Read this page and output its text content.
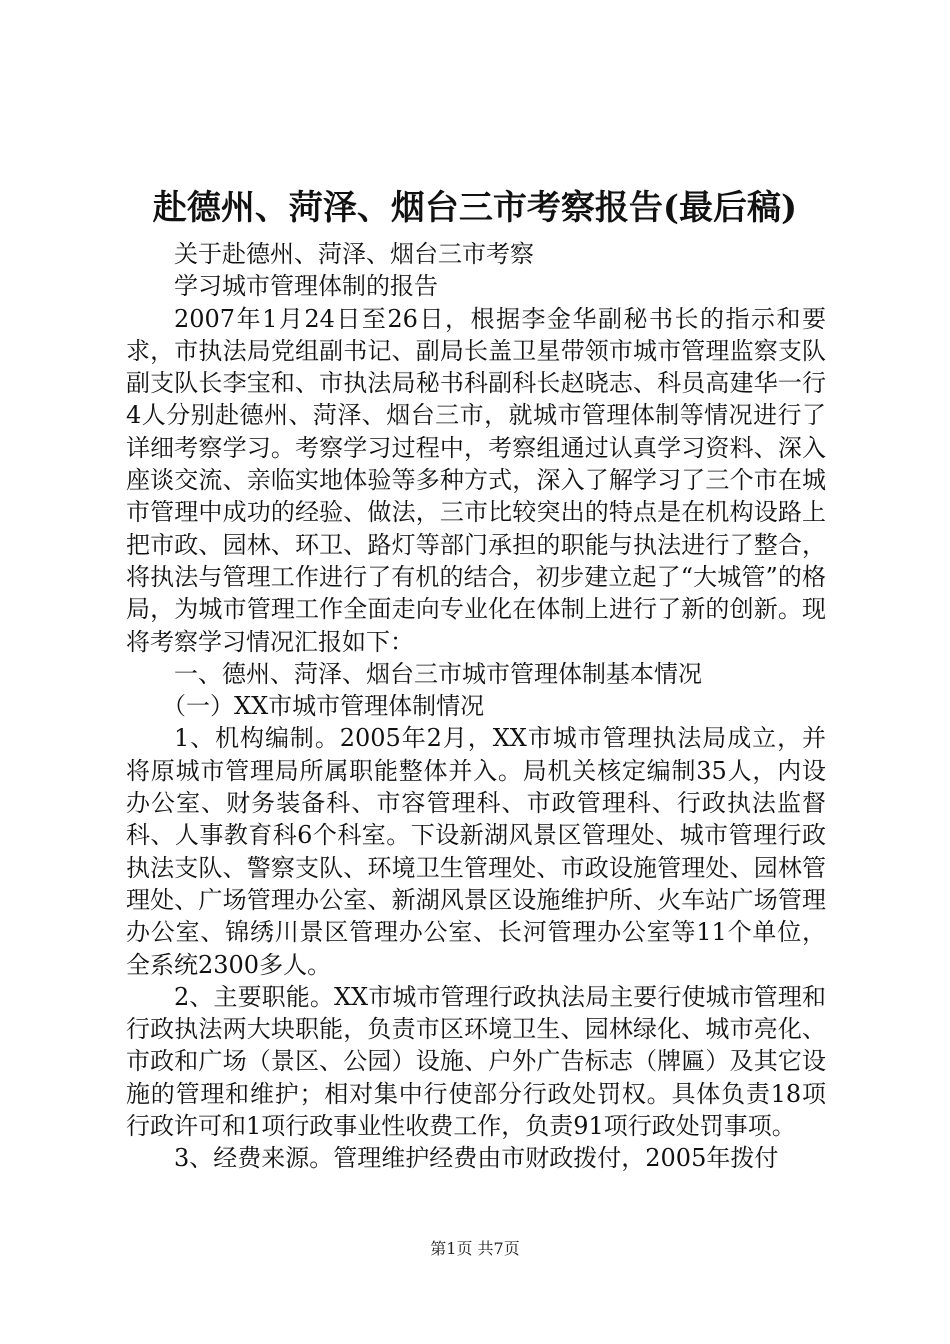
赴德州、菏泽、烟台三市考察报告(最后稿)

关于赴德州、菏泽、烟台三市考察

学习城市管理体制的报告

2007年1月24日至26日，根据李金华副秘书长的指示和要求，市执法局党组副书记、副局长盖卫星带领市城市管理监察支队副支队长李宝和、市执法局秘书科副科长赵晓志、科员高建华一行4人分别赴德州、菏泽、烟台三市，就城市管理体制等情况进行了详细考察学习。考察学习过程中，考察组通过认真学习资料、深入座谈交流、亲临实地体验等多种方式，深入了解学习了三个市在城市管理中成功的经验、做法，三市比较突出的特点是在机构设路上把市政、园林、环卫、路灯等部门承担的职能与执法进行了整合，将执法与管理工作进行了有机的结合，初步建立起了“大城管”的格局，为城市管理工作全面走向专业化在体制上进行了新的创新。现将考察学习情况汇报如下：

一、德州、菏泽、烟台三市城市管理体制基本情况

（一）XX市城市管理体制情况

1、机构编制。2005年2月，XX市城市管理执法局成立，并将原城市管理局所属职能整体并入。局机关核定编制35人，内设办公室、财务装备科、市容管理科、市政管理科、行政执法监督科、人事教育科6个科室。下设新湖风景区管理处、城市管理行政执法支队、警察支队、环境卫生管理处、市政设施管理处、园林管理处、广场管理办公室、新湖风景区设施维护所、火车站广场管理办公室、锦绣川景区管理办公室、长河管理办公室等11个单位，全系统2300多人。

2、主要职能。XX市城市管理行政执法局主要行使城市管理和行政执法两大块职能，负责市区环境卫生、园林绿化、城市亮化、市政和广场（景区、公园）设施、户外广告标志（牌匾）及其它设施的管理和维护；相对集中行使部分行政处罚权。具体负责18项行政许可和1项行政事业性收费工作，负责91项行政处罚事项。

3、经费来源。管理维护经费由市财政拨付，2005年拨付

第1页 共7页
